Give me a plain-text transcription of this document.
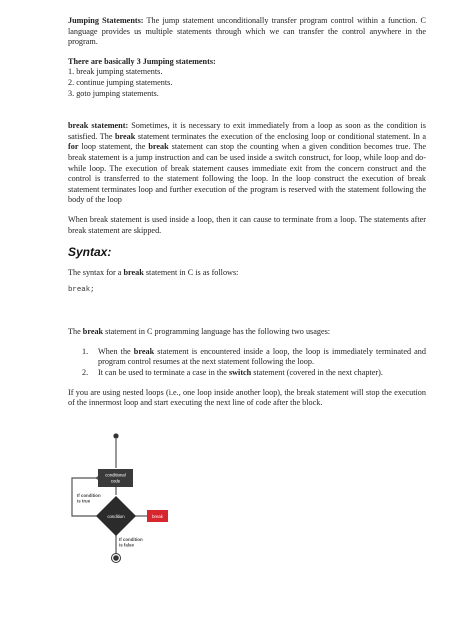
Jumping Statements: The jump statement unconditionally transfer program control within a function. C language provides us multiple statements through which we can transfer the control anywhere in the program.

There are basically 3 Jumping statements:

1. break jumping statements.
2. continue jumping statements.
3. goto jumping statements.

break statement: Sometimes, it is necessary to exit immediately from a loop as soon as the condition is satisfied. The break statement terminates the execution of the enclosing loop or conditional statement. In a for loop statement, the break statement can stop the counting when a given condition becomes true. The break statement is a jump instruction and can be used inside a switch construct, for loop, while loop and do-while loop. The execution of break statement causes immediate exit from the concern construct and the control is transferred to the statement following the loop. In the loop construct the execution of break statement terminates loop and further execution of the program is reserved with the statement following the body of the loop

When break statement is used inside a loop, then it can cause to terminate from a loop. The statements after break statement are skipped.

Syntax:

The syntax for a break statement in C is as follows:

break;

The break statement in C programming language has the following two usages:

1. When the break statement is encountered inside a loop, the loop is immediately terminated and program control resumes at the next statement following the loop.
2. It can be used to terminate a case in the switch statement (covered in the next chapter).

If you are using nested loops (i.e., one loop inside another loop), the break statement will stop the execution of the innermost loop and start executing the next line of code after the block.

conditional
code
If condition
is true
condition	break
If condition
is false
